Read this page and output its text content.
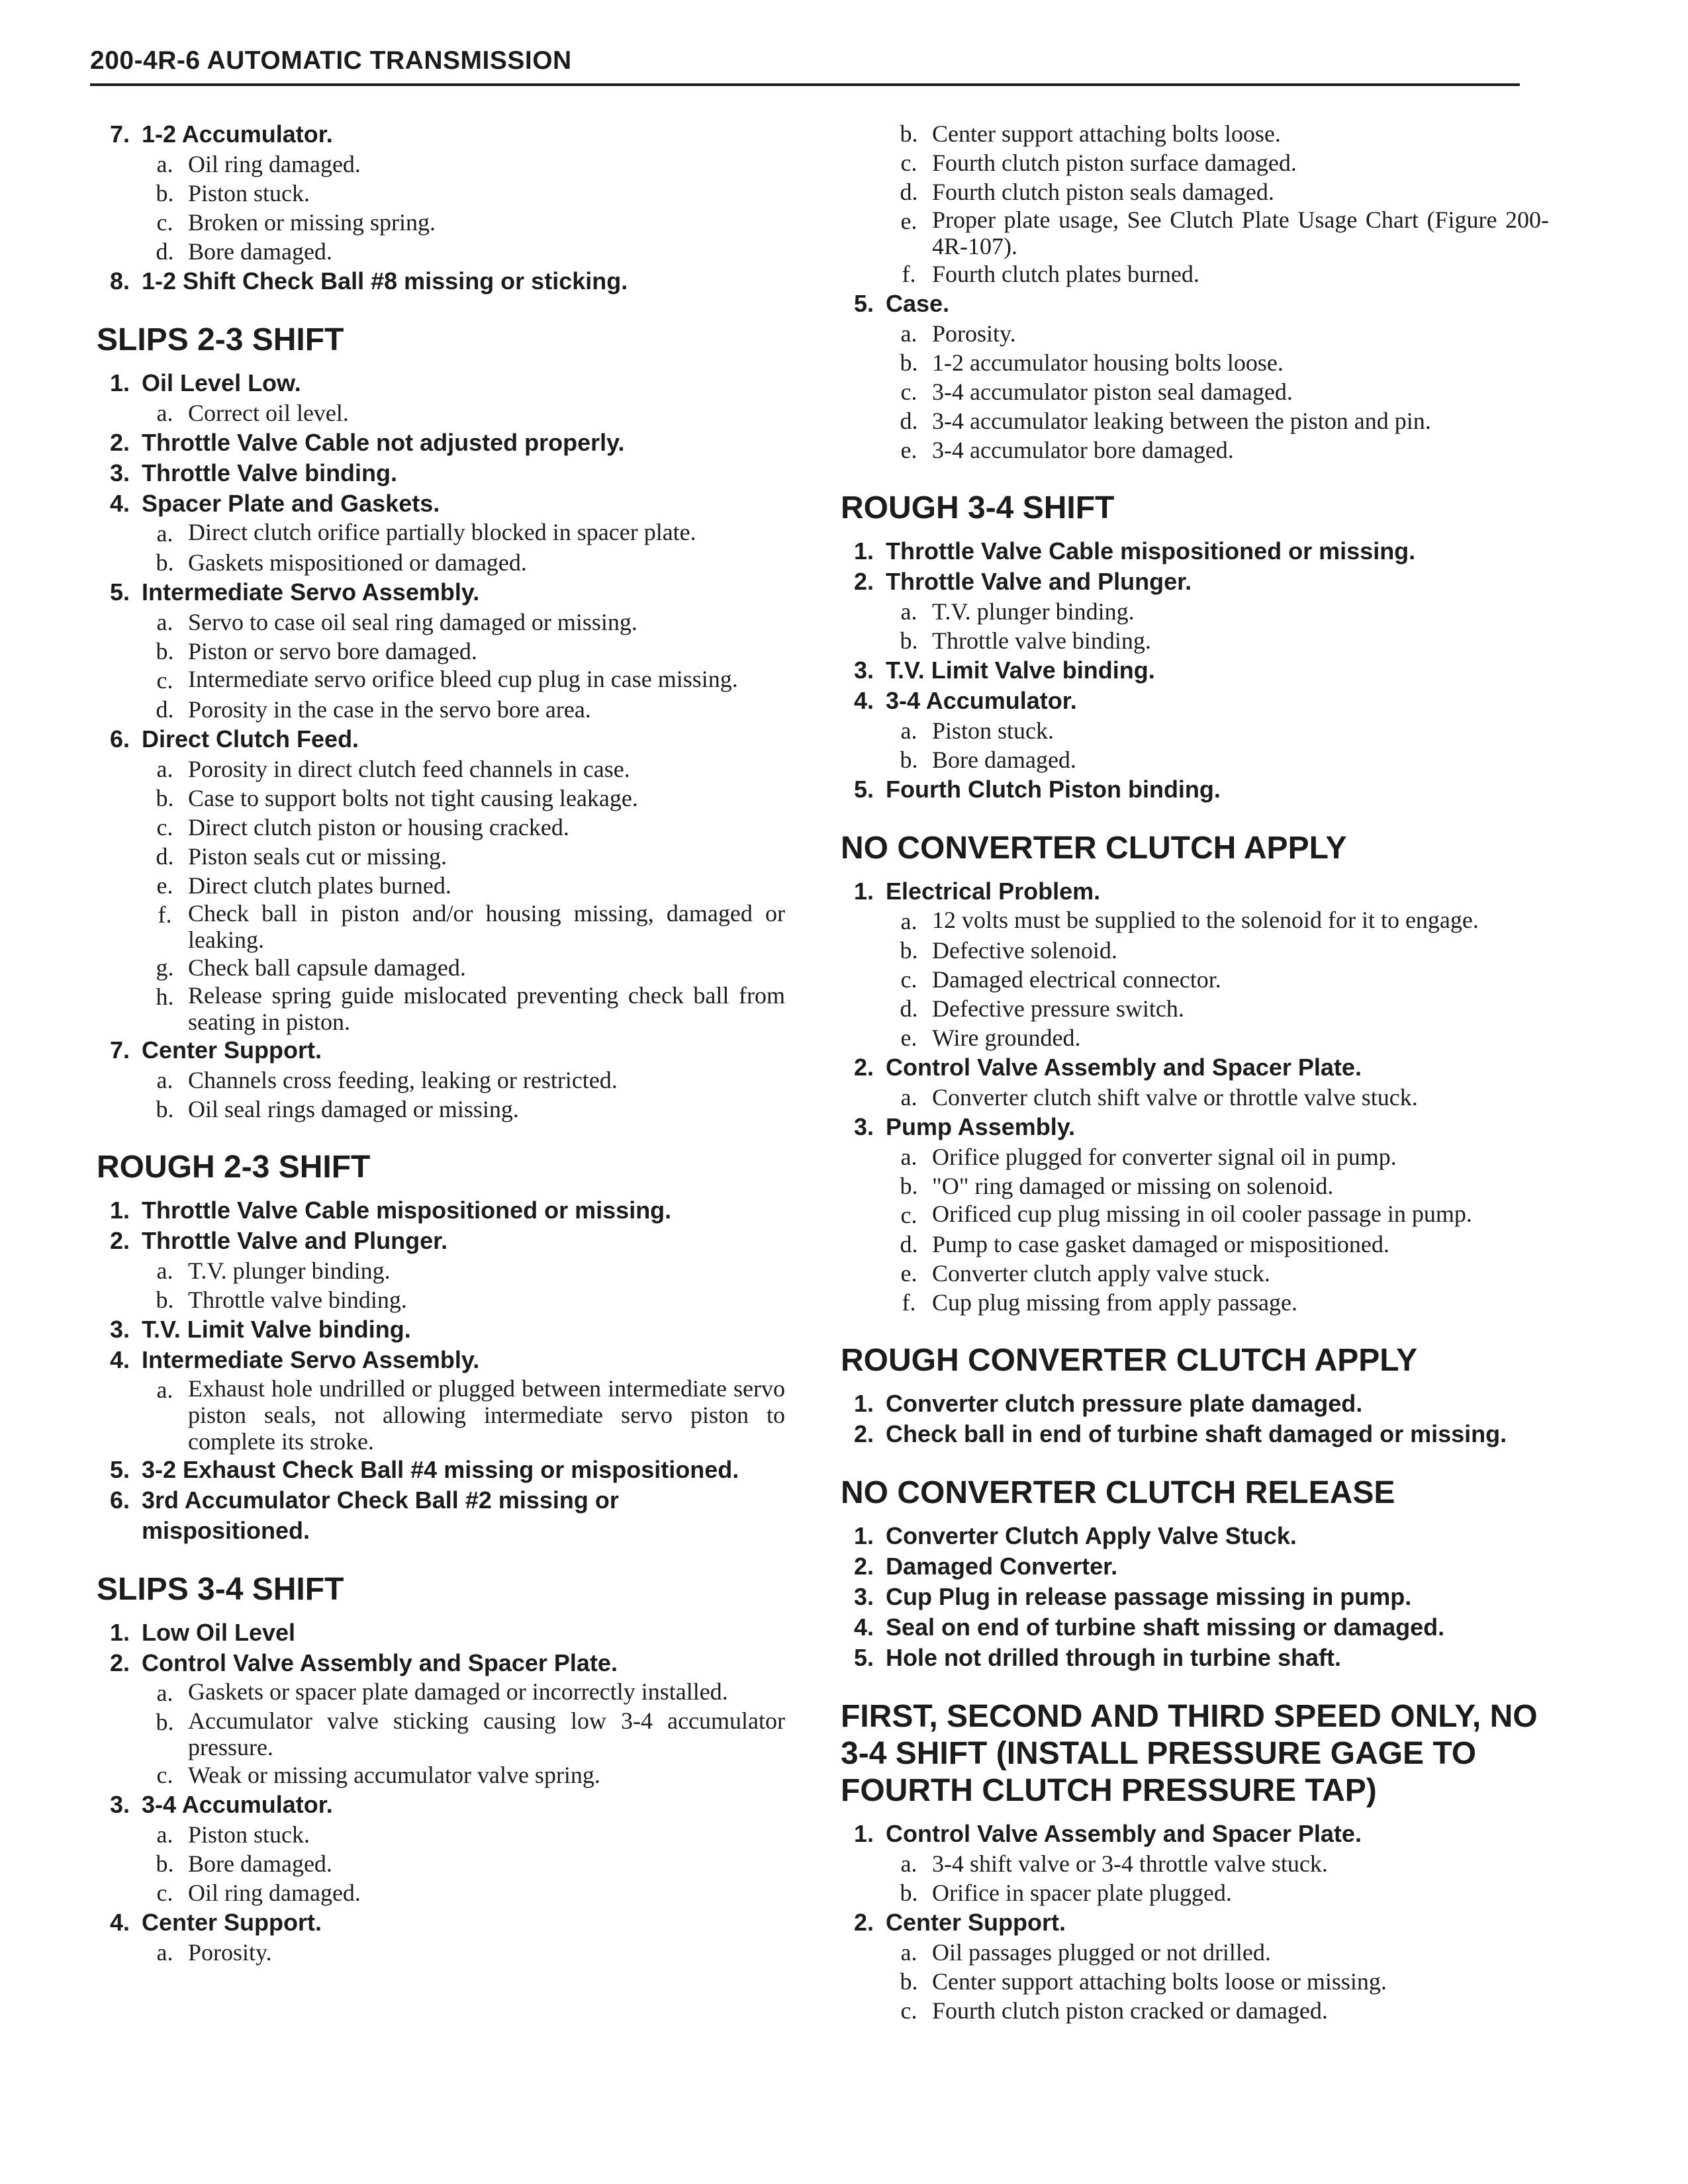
200-4R-6 AUTOMATIC TRANSMISSION
7. 1-2 Accumulator.
a. Oil ring damaged.
b. Piston stuck.
c. Broken or missing spring.
d. Bore damaged.
8. 1-2 Shift Check Ball #8 missing or sticking.
SLIPS 2-3 SHIFT
1. Oil Level Low.
a. Correct oil level.
2. Throttle Valve Cable not adjusted properly.
3. Throttle Valve binding.
4. Spacer Plate and Gaskets.
a. Direct clutch orifice partially blocked in spacer plate.
b. Gaskets mispositioned or damaged.
5. Intermediate Servo Assembly.
a. Servo to case oil seal ring damaged or missing.
b. Piston or servo bore damaged.
c. Intermediate servo orifice bleed cup plug in case missing.
d. Porosity in the case in the servo bore area.
6. Direct Clutch Feed.
a. Porosity in direct clutch feed channels in case.
b. Case to support bolts not tight causing leakage.
c. Direct clutch piston or housing cracked.
d. Piston seals cut or missing.
e. Direct clutch plates burned.
f. Check ball in piston and/or housing missing, damaged or leaking.
g. Check ball capsule damaged.
h. Release spring guide mislocated preventing check ball from seating in piston.
7. Center Support.
a. Channels cross feeding, leaking or restricted.
b. Oil seal rings damaged or missing.
ROUGH 2-3 SHIFT
1. Throttle Valve Cable mispositioned or missing.
2. Throttle Valve and Plunger.
a. T.V. plunger binding.
b. Throttle valve binding.
3. T.V. Limit Valve binding.
4. Intermediate Servo Assembly.
a. Exhaust hole undrilled or plugged between intermediate servo piston seals, not allowing intermediate servo piston to complete its stroke.
5. 3-2 Exhaust Check Ball #4 missing or mispositioned.
6. 3rd Accumulator Check Ball #2 missing or mispositioned.
SLIPS 3-4 SHIFT
1. Low Oil Level
2. Control Valve Assembly and Spacer Plate.
a. Gaskets or spacer plate damaged or incorrectly installed.
b. Accumulator valve sticking causing low 3-4 accumulator pressure.
c. Weak or missing accumulator valve spring.
3. 3-4 Accumulator.
a. Piston stuck.
b. Bore damaged.
c. Oil ring damaged.
4. Center Support.
a. Porosity.
b. Center support attaching bolts loose.
c. Fourth clutch piston surface damaged.
d. Fourth clutch piston seals damaged.
e. Proper plate usage, See Clutch Plate Usage Chart (Figure 200-4R-107).
f. Fourth clutch plates burned.
5. Case.
a. Porosity.
b. 1-2 accumulator housing bolts loose.
c. 3-4 accumulator piston seal damaged.
d. 3-4 accumulator leaking between the piston and pin.
e. 3-4 accumulator bore damaged.
ROUGH 3-4 SHIFT
1. Throttle Valve Cable mispositioned or missing.
2. Throttle Valve and Plunger.
a. T.V. plunger binding.
b. Throttle valve binding.
3. T.V. Limit Valve binding.
4. 3-4 Accumulator.
a. Piston stuck.
b. Bore damaged.
5. Fourth Clutch Piston binding.
NO CONVERTER CLUTCH APPLY
1. Electrical Problem.
a. 12 volts must be supplied to the solenoid for it to engage.
b. Defective solenoid.
c. Damaged electrical connector.
d. Defective pressure switch.
e. Wire grounded.
2. Control Valve Assembly and Spacer Plate.
a. Converter clutch shift valve or throttle valve stuck.
3. Pump Assembly.
a. Orifice plugged for converter signal oil in pump.
b. "O" ring damaged or missing on solenoid.
c. Orificed cup plug missing in oil cooler passage in pump.
d. Pump to case gasket damaged or mispositioned.
e. Converter clutch apply valve stuck.
f. Cup plug missing from apply passage.
ROUGH CONVERTER CLUTCH APPLY
1. Converter clutch pressure plate damaged.
2. Check ball in end of turbine shaft damaged or missing.
NO CONVERTER CLUTCH RELEASE
1. Converter Clutch Apply Valve Stuck.
2. Damaged Converter.
3. Cup Plug in release passage missing in pump.
4. Seal on end of turbine shaft missing or damaged.
5. Hole not drilled through in turbine shaft.
FIRST, SECOND AND THIRD SPEED ONLY, NO 3-4 SHIFT (INSTALL PRESSURE GAGE TO FOURTH CLUTCH PRESSURE TAP)
1. Control Valve Assembly and Spacer Plate.
a. 3-4 shift valve or 3-4 throttle valve stuck.
b. Orifice in spacer plate plugged.
2. Center Support.
a. Oil passages plugged or not drilled.
b. Center support attaching bolts loose or missing.
c. Fourth clutch piston cracked or damaged.
